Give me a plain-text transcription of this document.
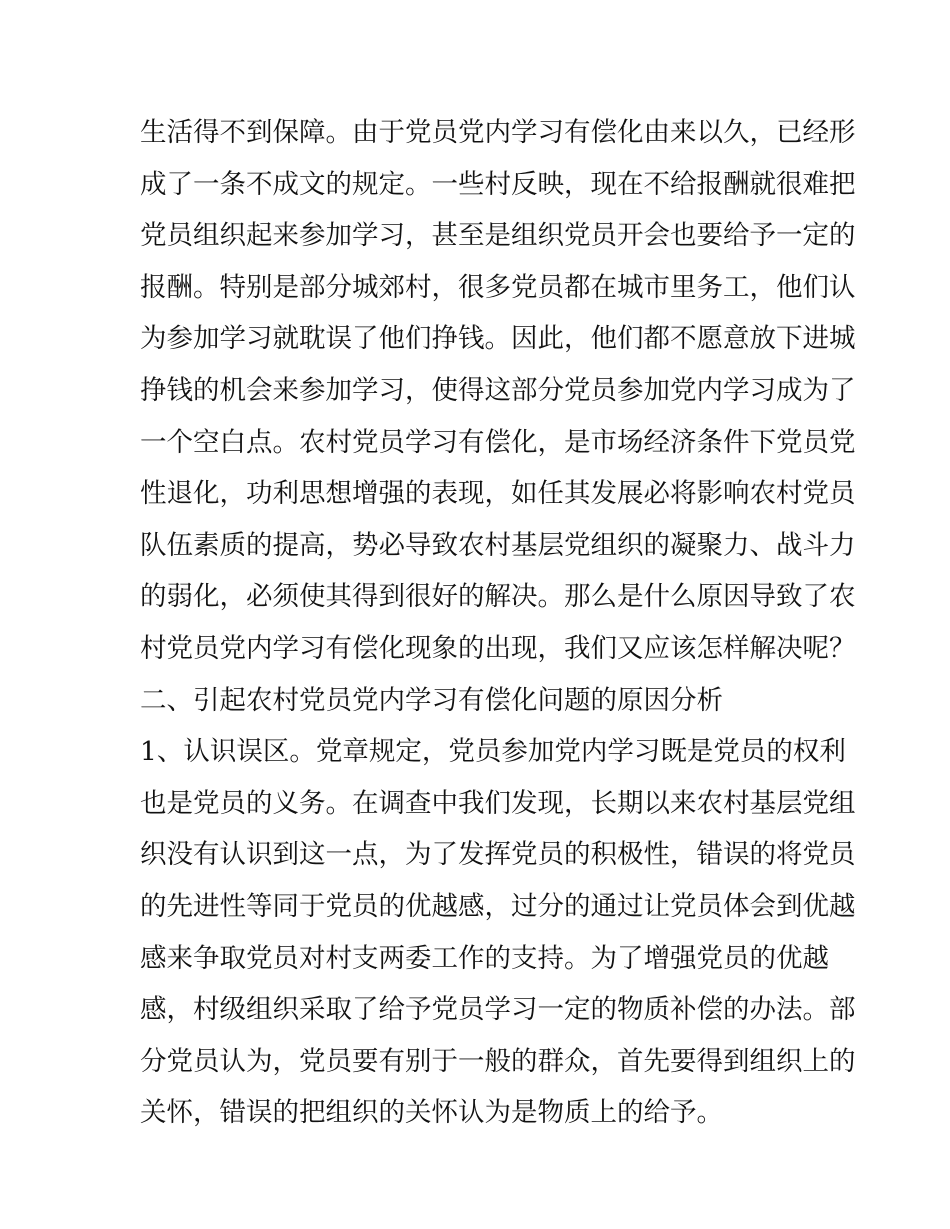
生活得不到保障。由于党员党内学习有偿化由来以久，已经形
成了一条不成文的规定。一些村反映，现在不给报酬就很难把
党员组织起来参加学习，甚至是组织党员开会也要给予一定的
报酬。特别是部分城郊村，很多党员都在城市里务工，他们认
为参加学习就耽误了他们挣钱。因此，他们都不愿意放下进城
挣钱的机会来参加学习，使得这部分党员参加党内学习成为了
一个空白点。农村党员学习有偿化，是市场经济条件下党员党
性退化，功利思想增强的表现，如任其发展必将影响农村党员
队伍素质的提高，势必导致农村基层党组织的凝聚力、战斗力
的弱化，必须使其得到很好的解决。那么是什么原因导致了农
村党员党内学习有偿化现象的出现，我们又应该怎样解决呢？
二、引起农村党员党内学习有偿化问题的原因分析
1、认识误区。党章规定，党员参加党内学习既是党员的权利
也是党员的义务。在调查中我们发现，长期以来农村基层党组
织没有认识到这一点，为了发挥党员的积极性，错误的将党员
的先进性等同于党员的优越感，过分的通过让党员体会到优越
感来争取党员对村支两委工作的支持。为了增强党员的优越
感，村级组织采取了给予党员学习一定的物质补偿的办法。部
分党员认为，党员要有别于一般的群众，首先要得到组织上的
关怀，错误的把组织的关怀认为是物质上的给予。
